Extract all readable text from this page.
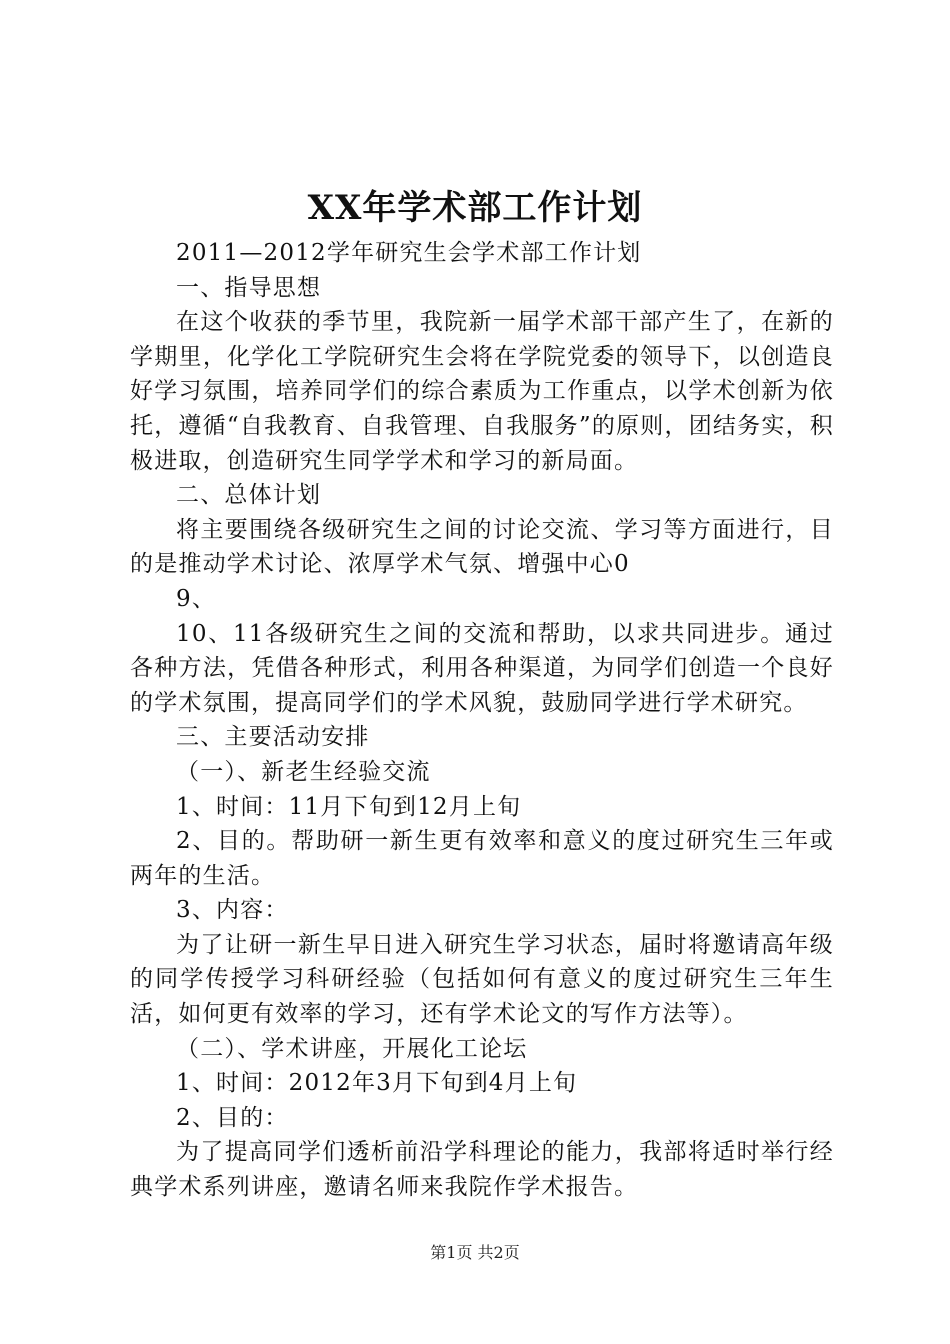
XX年学术部工作计划

2011—2012学年研究生会学术部工作计划

一、指导思想

在这个收获的季节里，我院新一届学术部干部产生了，在新的学期里，化学化工学院研究生会将在学院党委的领导下，以创造良好学习氛围，培养同学们的综合素质为工作重点，以学术创新为依托，遵循“自我教育、自我管理、自我服务”的原则，团结务实，积极进取，创造研究生同学学术和学习的新局面。

二、总体计划

将主要围绕各级研究生之间的讨论交流、学习等方面进行，目的是推动学术讨论、浓厚学术气氛、增强中心0

9、

10、11各级研究生之间的交流和帮助，以求共同进步。通过各种方法，凭借各种形式，利用各种渠道，为同学们创造一个良好的学术氛围，提高同学们的学术风貌，鼓励同学进行学术研究。

三、主要活动安排

（一）、新老生经验交流

1、时间：11月下旬到12月上旬

2、目的。帮助研一新生更有效率和意义的度过研究生三年或两年的生活。

3、内容：

为了让研一新生早日进入研究生学习状态，届时将邀请高年级的同学传授学习科研经验（包括如何有意义的度过研究生三年生活，如何更有效率的学习，还有学术论文的写作方法等）。

（二）、学术讲座，开展化工论坛

1、时间：2012年3月下旬到4月上旬

2、目的：

为了提高同学们透析前沿学科理论的能力，我部将适时举行经典学术系列讲座，邀请名师来我院作学术报告。

第1页 共2页
